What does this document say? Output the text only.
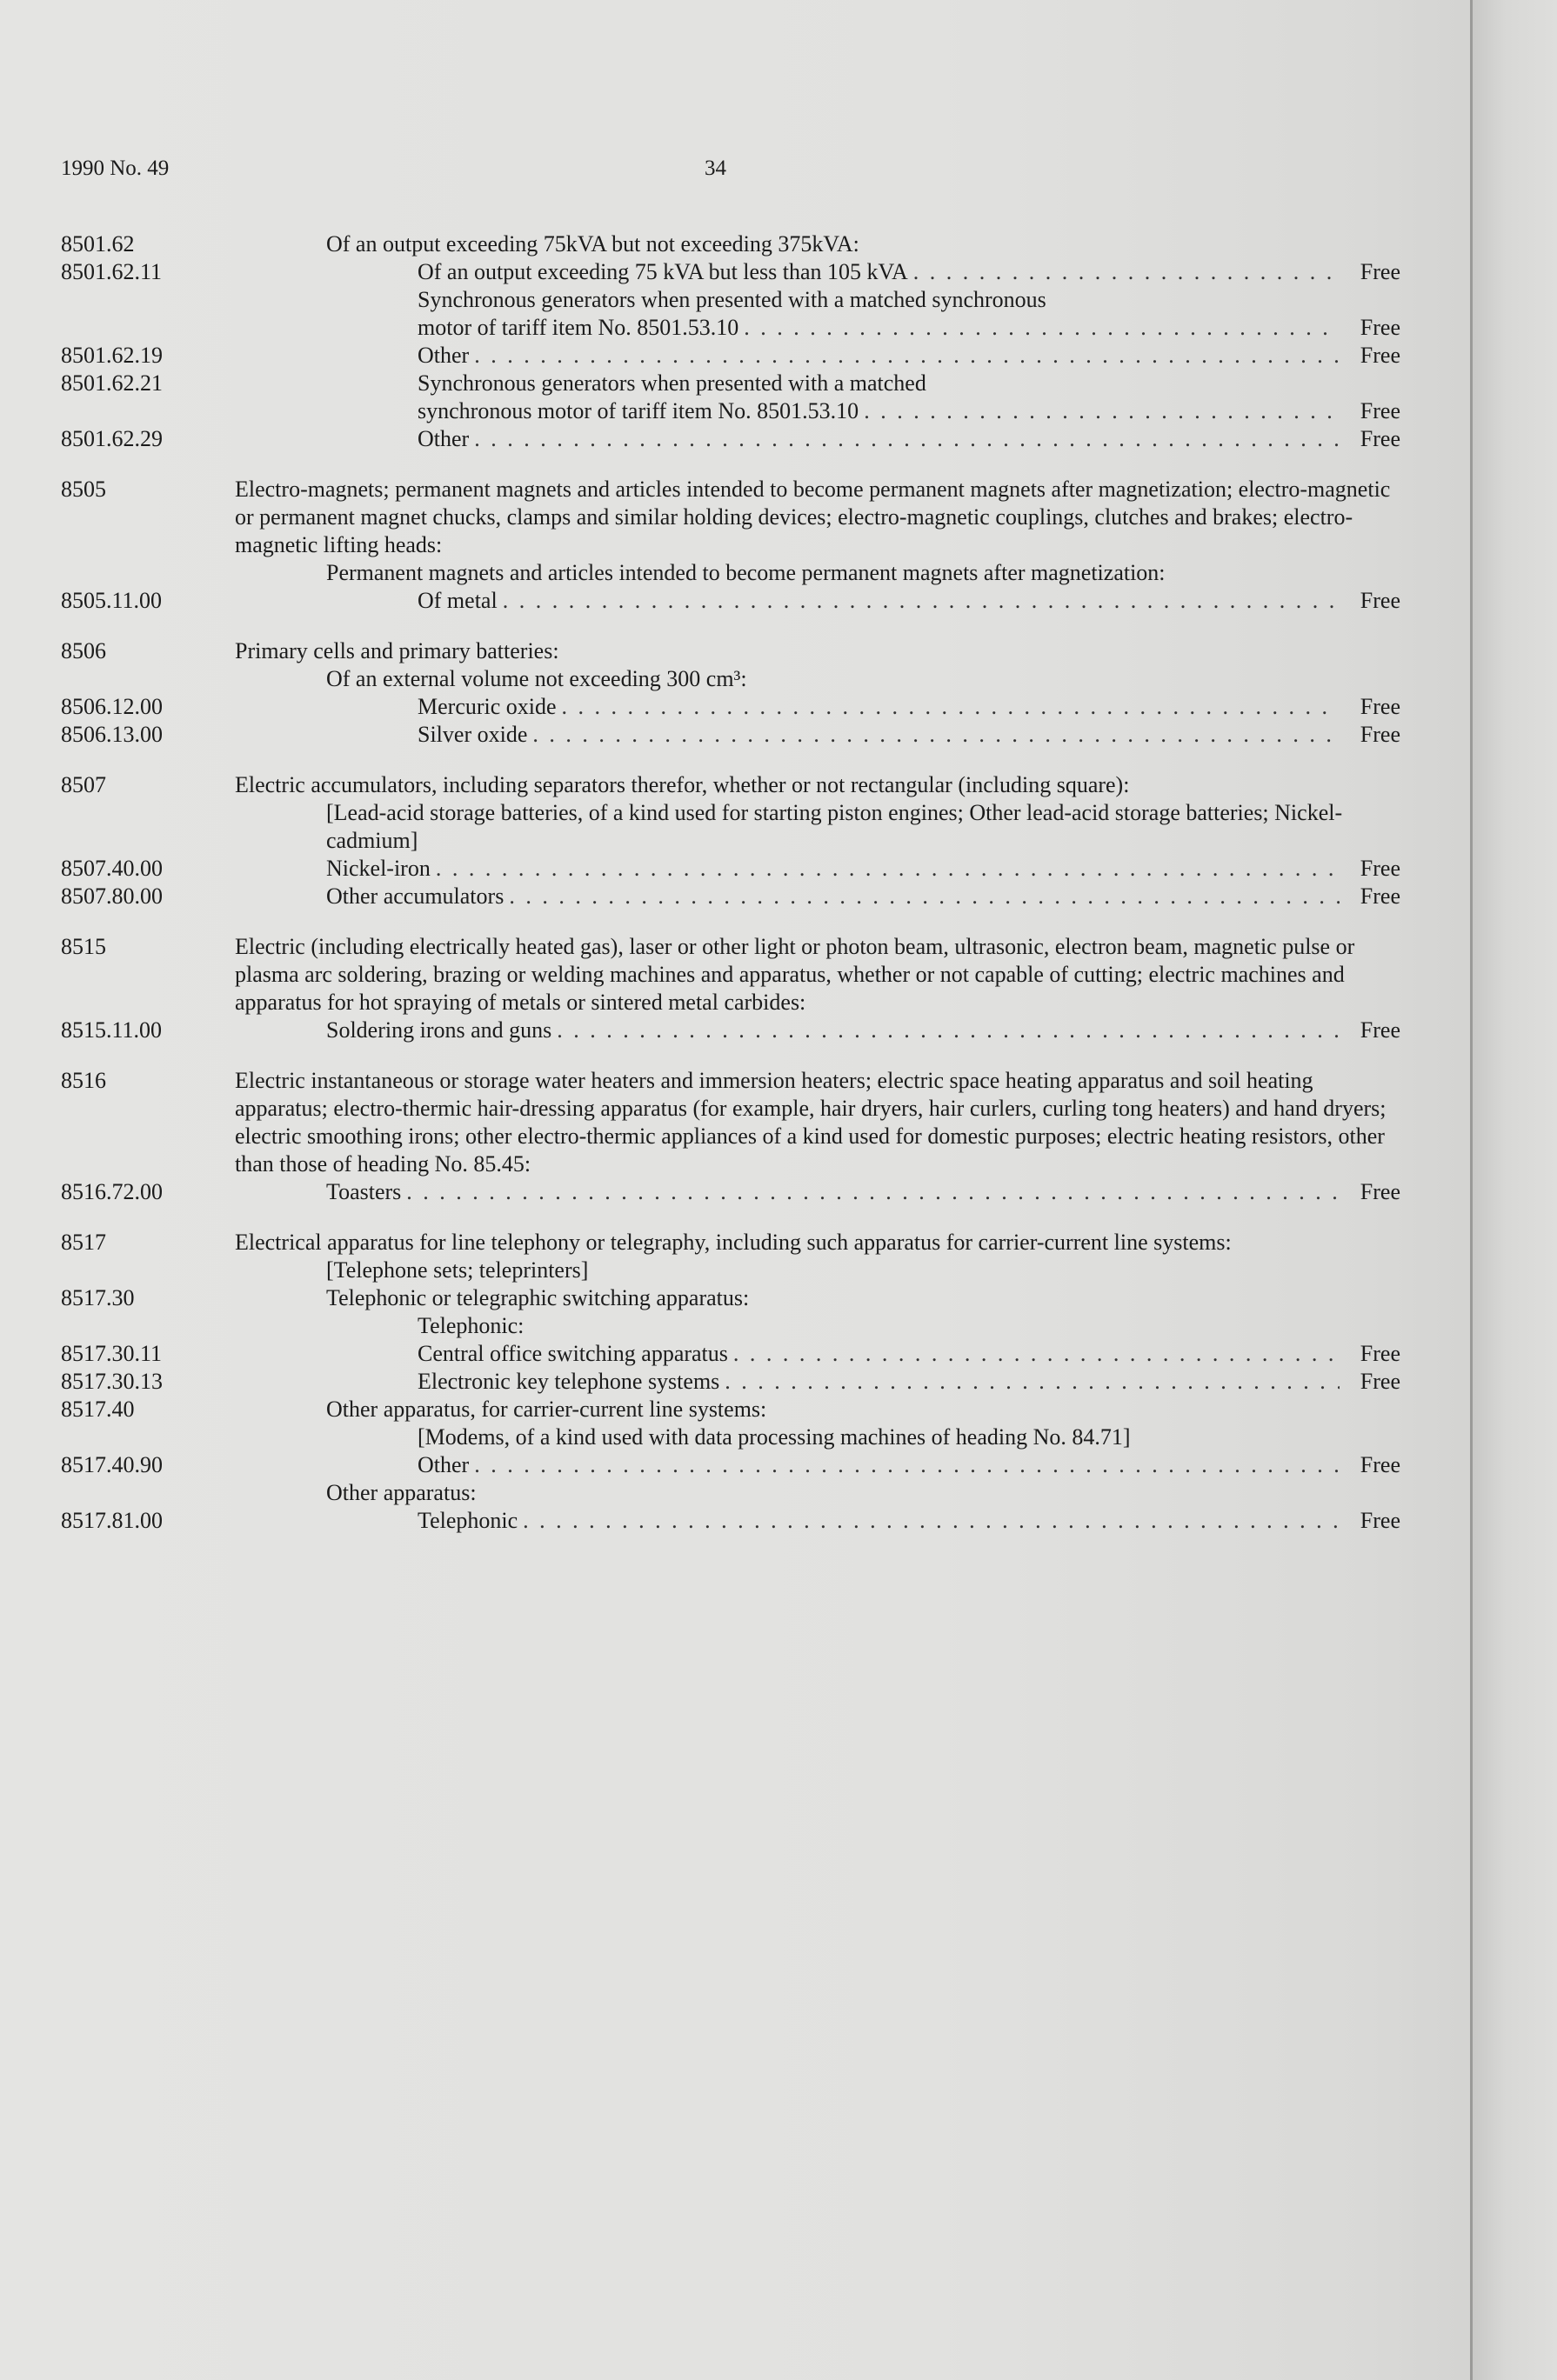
1990 No. 49	34
8501.62	Of an output exceeding 75kVA but not exceeding 375kVA:
8501.62.11	Of an output exceeding 75 kVA but less than 105 kVA . . .	Free
Synchronous generators when presented with a matched synchronous
motor of tariff item No. 8501.53.10 . . .	Free
8501.62.19	Other . . .	Free
8501.62.21	Synchronous generators when presented with a matched
synchronous motor of tariff item No. 8501.53.10 . . .	Free
8501.62.29	Other . . .	Free
8505	Electro-magnets; permanent magnets and articles intended to become permanent magnets after magnetization; electro-magnetic or permanent magnet chucks, clamps and similar holding devices; electro-magnetic couplings, clutches and brakes; electro-magnetic lifting heads:
Permanent magnets and articles intended to become permanent magnets after magnetization:
8505.11.00	Of metal . . .	Free
8506	Primary cells and primary batteries:
Of an external volume not exceeding 300 cm³:
8506.12.00	Mercuric oxide . . .	Free
8506.13.00	Silver oxide . . .	Free
8507	Electric accumulators, including separators therefor, whether or not rectangular (including square):
[Lead-acid storage batteries, of a kind used for starting piston engines; Other lead-acid storage batteries; Nickel-cadmium]
8507.40.00	Nickel-iron . . .	Free
8507.80.00	Other accumulators . . .	Free
8515	Electric (including electrically heated gas), laser or other light or photon beam, ultrasonic, electron beam, magnetic pulse or plasma arc soldering, brazing or welding machines and apparatus, whether or not capable of cutting; electric machines and apparatus for hot spraying of metals or sintered metal carbides:
8515.11.00	Soldering irons and guns . . .	Free
8516	Electric instantaneous or storage water heaters and immersion heaters; electric space heating apparatus and soil heating apparatus; electro-thermic hair-dressing apparatus (for example, hair dryers, hair curlers, curling tong heaters) and hand dryers; electric smoothing irons; other electro-thermic appliances of a kind used for domestic purposes; electric heating resistors, other than those of heading No. 85.45:
8516.72.00	Toasters . . .	Free
8517	Electrical apparatus for line telephony or telegraphy, including such apparatus for carrier-current line systems:
[Telephone sets; teleprinters]
8517.30	Telephonic or telegraphic switching apparatus:
Telephonic:
8517.30.11	Central office switching apparatus . . .	Free
8517.30.13	Electronic key telephone systems . . .	Free
8517.40	Other apparatus, for carrier-current line systems:
[Modems, of a kind used with data processing machines of heading No. 84.71]
8517.40.90	Other . . .	Free
Other apparatus:
8517.81.00	Telephonic . . .	Free
